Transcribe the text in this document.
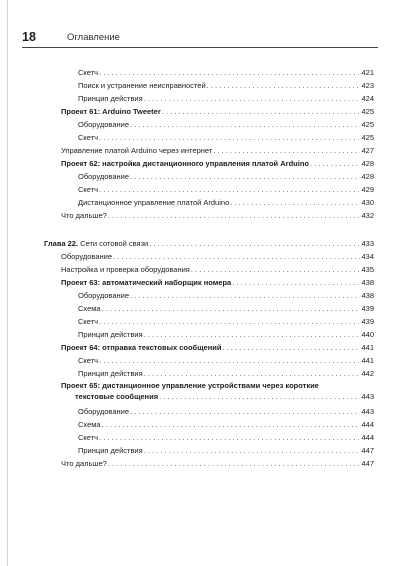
18	Оглавление
Скетч . . .	421
Поиск и устранение неисправностей . . .	423
Принцип действия . . .	424
Проект 61: Arduino Tweeter . . .	425
Оборудование . . .	425
Скетч . . .	425
Управление платой Arduino через интернет . . .	427
Проект 62: настройка дистанционного управления платой Arduino . . .	428
Оборудование . . .	428
Скетч . . .	429
Дистанционное управление платой Arduino . . .	430
Что дальше? . . .	432
Глава 22. Сети сотовой связи . . .	433
Оборудование . . .	434
Настройка и проверка оборудования . . .	435
Проект 63: автоматический наборщик номера . . .	438
Оборудование . . .	438
Схема . . .	439
Скетч . . .	439
Принцип действия . . .	440
Проект 64: отправка текстовых сообщений . . .	441
Скетч . . .	441
Принцип действия . . .	442
Проект 65: дистанционное управление устройствами через короткие
текстовые сообщения . . .	443
Оборудование . . .	443
Схема . . .	444
Скетч . . .	444
Принцип действия . . .	447
Что дальше? . . .	447
